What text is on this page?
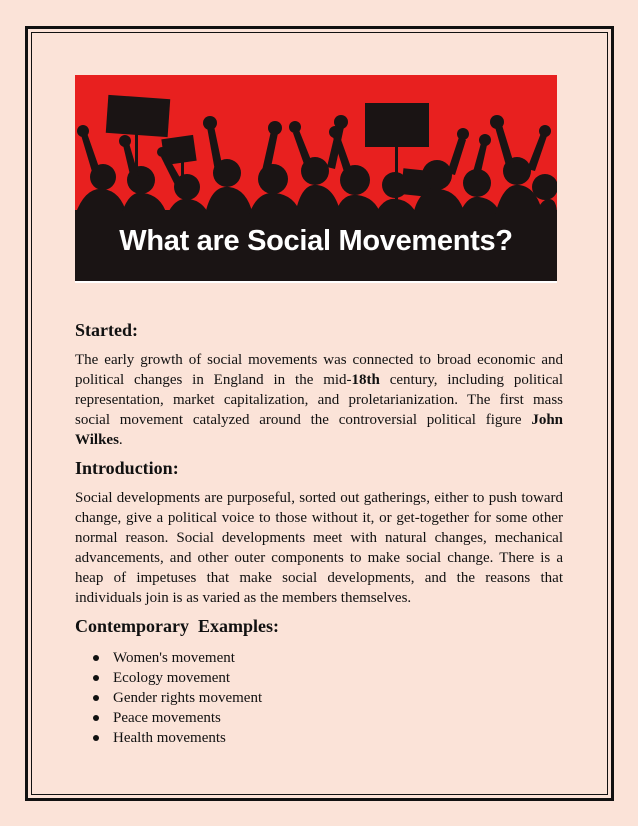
What are Social Movements?
Started:

The early growth of social movements was connected to broad economic and political changes in England in the mid-18th century, including political representation, market capitalization, and proletarianization. The first mass social movement catalyzed around the controversial political figure John Wilkes.

Introduction:

Social developments are purposeful, sorted out gatherings, either to push toward change, give a political voice to those without it, or get-together for some other normal reason. Social developments meet with natural changes, mechanical advancements, and other outer components to make social change. There is a heap of impetuses that make social developments, and the reasons that individuals join is as varied as the members themselves.

Contemporary  Examples:
Women's movement
Ecology movement
Gender rights movement
Peace movements
Health movements
